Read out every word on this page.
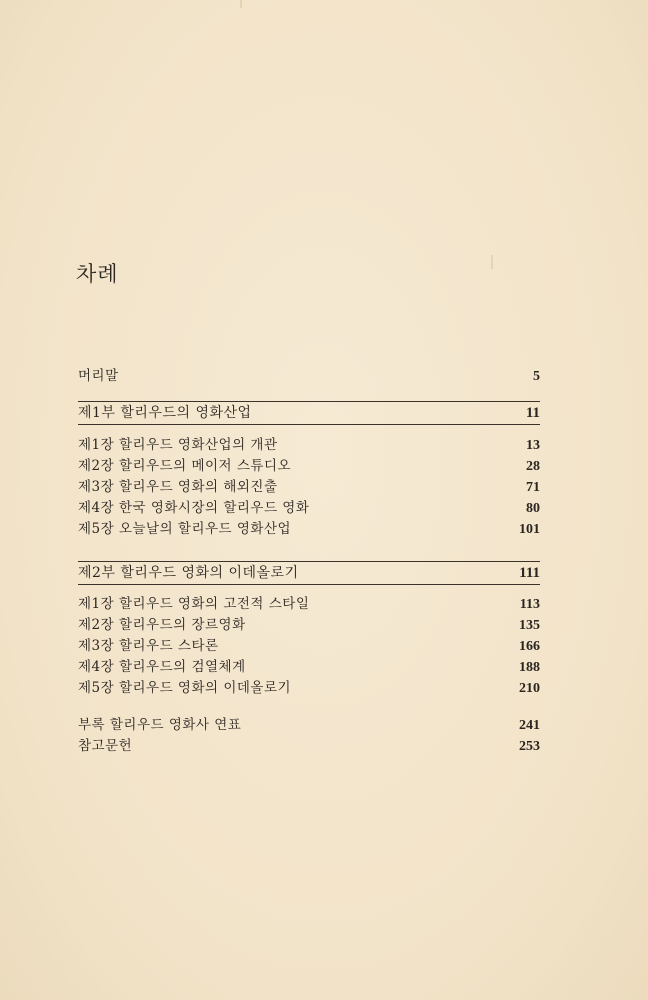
차례
머리말	5
제1부 할리우드의 영화산업	11
제1장 할리우드 영화산업의 개관	13
제2장 할리우드의 메이저 스튜디오	28
제3장 할리우드 영화의 해외진출	71
제4장 한국 영화시장의 할리우드 영화	80
제5장 오늘날의 할리우드 영화산업	101
제2부 할리우드 영화의 이데올로기	111
제1장 할리우드 영화의 고전적 스타일	113
제2장 할리우드의 장르영화	135
제3장 할리우드 스타론	166
제4장 할리우드의 검열체계	188
제5장 할리우드 영화의 이데올로기	210
부록 할리우드 영화사 연표	241
참고문헌	253
